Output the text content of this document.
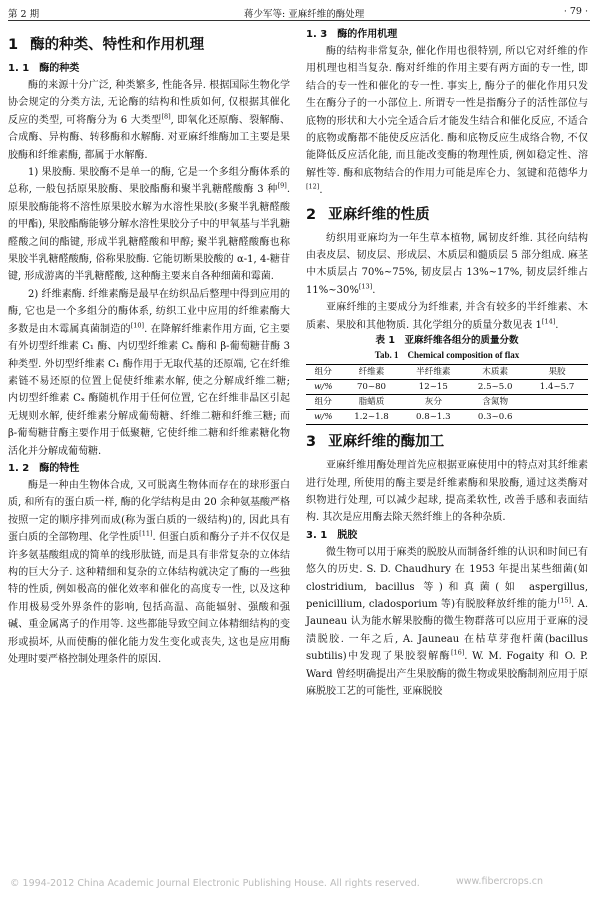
第 2 期	蒋少军等: 亚麻纤维的酶处理	· 79 ·
1 酶的种类、特性和作用机理
1. 1 酶的种类

酶的来源十分广泛, 种类繁多, 性能各异. 根据国际生物化学协会规定的分类方法, 无论酶的结构和性质如何, 仅根据其催化反应的类型, 可将酶分为 6 大类型[8], 即氧化还原酶、裂解酶、合成酶、异构酶、转移酶和水解酶. 对亚麻纤维酶加工主要是果胶酶和纤维素酶, 都属于水解酶.

1) 果胶酶. 果胶酶不是单一的酶, 它是一个多组分酶体系的总称, 一般包括原果胶酶、果胶酯酶和聚半乳糖醛酸酶 3 种[9]. 原果胶酶能将不溶性原果胶水解为水溶性果胶(多聚半乳糖醛酸的甲酯), 果胶酯酶能够分解水溶性果胶分子中的甲氧基与半乳糖醛酸之间的酯键, 形成半乳糖醛酸和甲醇; 聚半乳糖醛酸酶也称果胶半乳糖醛酸酶, 俗称果胶酶. 它能切断果胶酸的 α-1, 4-糖苷键, 形成游离的半乳糖醛酸, 这种酶主要来自各种细菌和霉菌.

2) 纤维素酶. 纤维素酶是最早在纺织品后整理中得到应用的酶, 它也是一个多组分的酶体系, 纺织工业中应用的纤维素酶大多数是由木霉属真菌制造的[10]. 在降解纤维素作用方面, 它主要有外切型纤维素 C₁ 酶、内切型纤维素 Cₓ 酶和 β-葡萄糖苷酶 3 种类型. 外切型纤维素 C₁ 酶作用于无取代基的还原端, 它在纤维素链不易还原的位置上促使纤维素水解, 使之分解成纤维二糖; 内切型纤维素 Cₓ 酶随机作用于任何位置, 它在纤维非晶区引起无规则水解, 使纤维素分解成葡萄糖、纤维二糖和纤维三糖; 而 β-葡萄糖苷酶主要作用于低聚糖, 它使纤维二糖和纤维素糖化物活化并分解成葡萄糖.

1. 2 酶的特性

酶是一种由生物体合成, 又可脱离生物体而存在的球形蛋白质, 和所有的蛋白质一样, 酶的化学结构是由 20 余种氨基酸严格按照一定的顺序排列而成(称为蛋白质的一级结构)的, 因此具有蛋白质的全部物理、化学性质[11]. 但蛋白质和酶分子并不仅仅是许多氨基酸组成的简单的线形肽链, 而是具有非常复杂的立体结构的巨大分子. 这种精细和复杂的立体结构就决定了酶的一些独特的性质, 例如极高的催化效率和催化的高度专一性, 以及这种作用极易受外界条件的影响, 包括高温、高能辐射、强酸和强碱、重金属离子的作用等. 这些都能导致空间立体精细结构的变形或损坏, 从而使酶的催化能力发生变化或丧失, 这也是应用酶处理时要严格控制处理条件的原因.

1. 3 酶的作用机理

酶的结构非常复杂, 催化作用也很特别, 所以它对纤维的作用机理也相当复杂. 酶对纤维的作用主要有两方面的专一性, 即结合的专一性和催化的专一性. 事实上, 酶分子的催化作用只发生在酶分子的一小部位上. 所谓专一性是指酶分子的活性部位与底物的形状和大小完全适合后才能发生结合和催化反应, 不适合的底物或酶都不能使反应活化. 酶和底物反应生成络合物, 不仅能降低反应活化能, 而且能改变酶的物理性质, 例如稳定性、溶解性等. 酶和底物结合的作用力可能是库仑力、氢键和范德华力[12].

2 亚麻纤维的性质

纺织用亚麻均为一年生草本植物, 属韧皮纤维. 其径向结构由表皮层、韧皮层、形成层、木质层和髓质层 5 部分组成. 麻茎中木质层占 70%~75%, 韧皮层占 13%~17%, 韧皮层纤维占 11%~30%[13].

亚麻纤维的主要成分为纤维素, 并含有较多的半纤维素、木质素、果胶和其他物质. 其化学组分的质量分数见表 1[14].

表 1　亚麻纤维各组分的质量分数
Tab. 1　Chemical composition of flax
组分	纤维素	半纤维素	木质素	果胶
w/%	70~80	12~15	2.5~5.0	1.4~5.7
组分	脂蜡质	灰分	含氮物	
w/%	1.2~1.8	0.8~1.3	0.3~0.6	
3 亚麻纤维的酶加工

亚麻纤维用酶处理首先应根据亚麻使用中的特点对其纤维素进行处理, 所使用的酶主要是纤维素酶和果胶酶, 通过这类酶对织物进行处理, 可以减少起球, 提高柔软性, 改善手感和表面结构. 其次是应用酶去除天然纤维上的各种杂质.

3. 1 脱胶

微生物可以用于麻类的脱胶从而制备纤维的认识和时间已有悠久的历史. S. D. Chaudhury 在 1953 年提出某些细菌(如 clostridium, bacillus 等)和真菌(如 aspergillus, penicillium, cladosporium 等)有脱胶释放纤维的能力[15]. A. Jauneau 认为能水解果胶酶的微生物群落可以应用于亚麻的浸渍脱胶. 一年之后, A. Jauneau 在枯草芽孢杆菌(bacillus subtilis)中发现了果胶裂解酶[16]. W. M. Fogaity 和 O. P. Ward 曾经明确提出产生果胶酶的微生物或果胶酶制剂应用于原麻脱胶工艺的可能性, 亚麻脱胶

© 1994-2012 China Academic Journal Electronic Publishing House. All rights reserved.	www.fibercrops.cn
